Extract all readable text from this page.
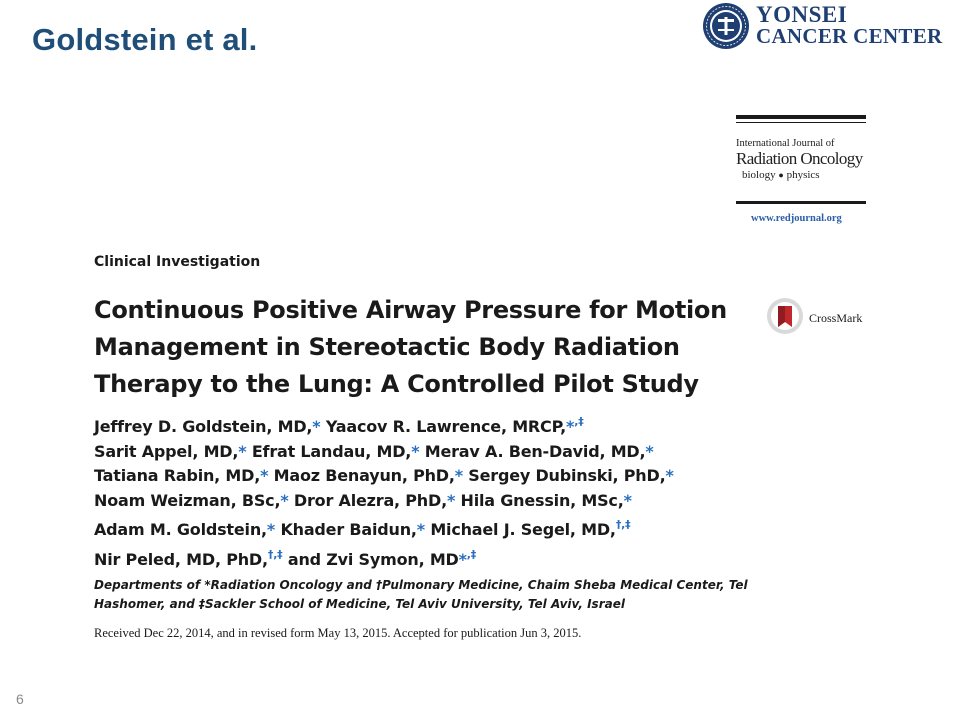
Goldstein et al.
YONSEI
CANCER CENTER
International Journal of
Radiation Oncology
biology ● physics
www.redjournal.org
Clinical Investigation
Continuous Positive Airway Pressure for Motion
Management in Stereotactic Body Radiation
Therapy to the Lung: A Controlled Pilot Study
CrossMark
Jeffrey D. Goldstein, MD,* Yaacov R. Lawrence, MRCP,*,‡
Sarit Appel, MD,* Efrat Landau, MD,* Merav A. Ben-David, MD,*
Tatiana Rabin, MD,* Maoz Benayun, PhD,* Sergey Dubinski, PhD,*
Noam Weizman, BSc,* Dror Alezra, PhD,* Hila Gnessin, MSc,*
Adam M. Goldstein,* Khader Baidun,* Michael J. Segel, MD,†,‡
Nir Peled, MD, PhD,†,‡ and Zvi Symon, MD*,‡
Departments of *Radiation Oncology and †Pulmonary Medicine, Chaim Sheba Medical Center, Tel
Hashomer, and ‡Sackler School of Medicine, Tel Aviv University, Tel Aviv, Israel
Received Dec 22, 2014, and in revised form May 13, 2015. Accepted for publication Jun 3, 2015.
6
